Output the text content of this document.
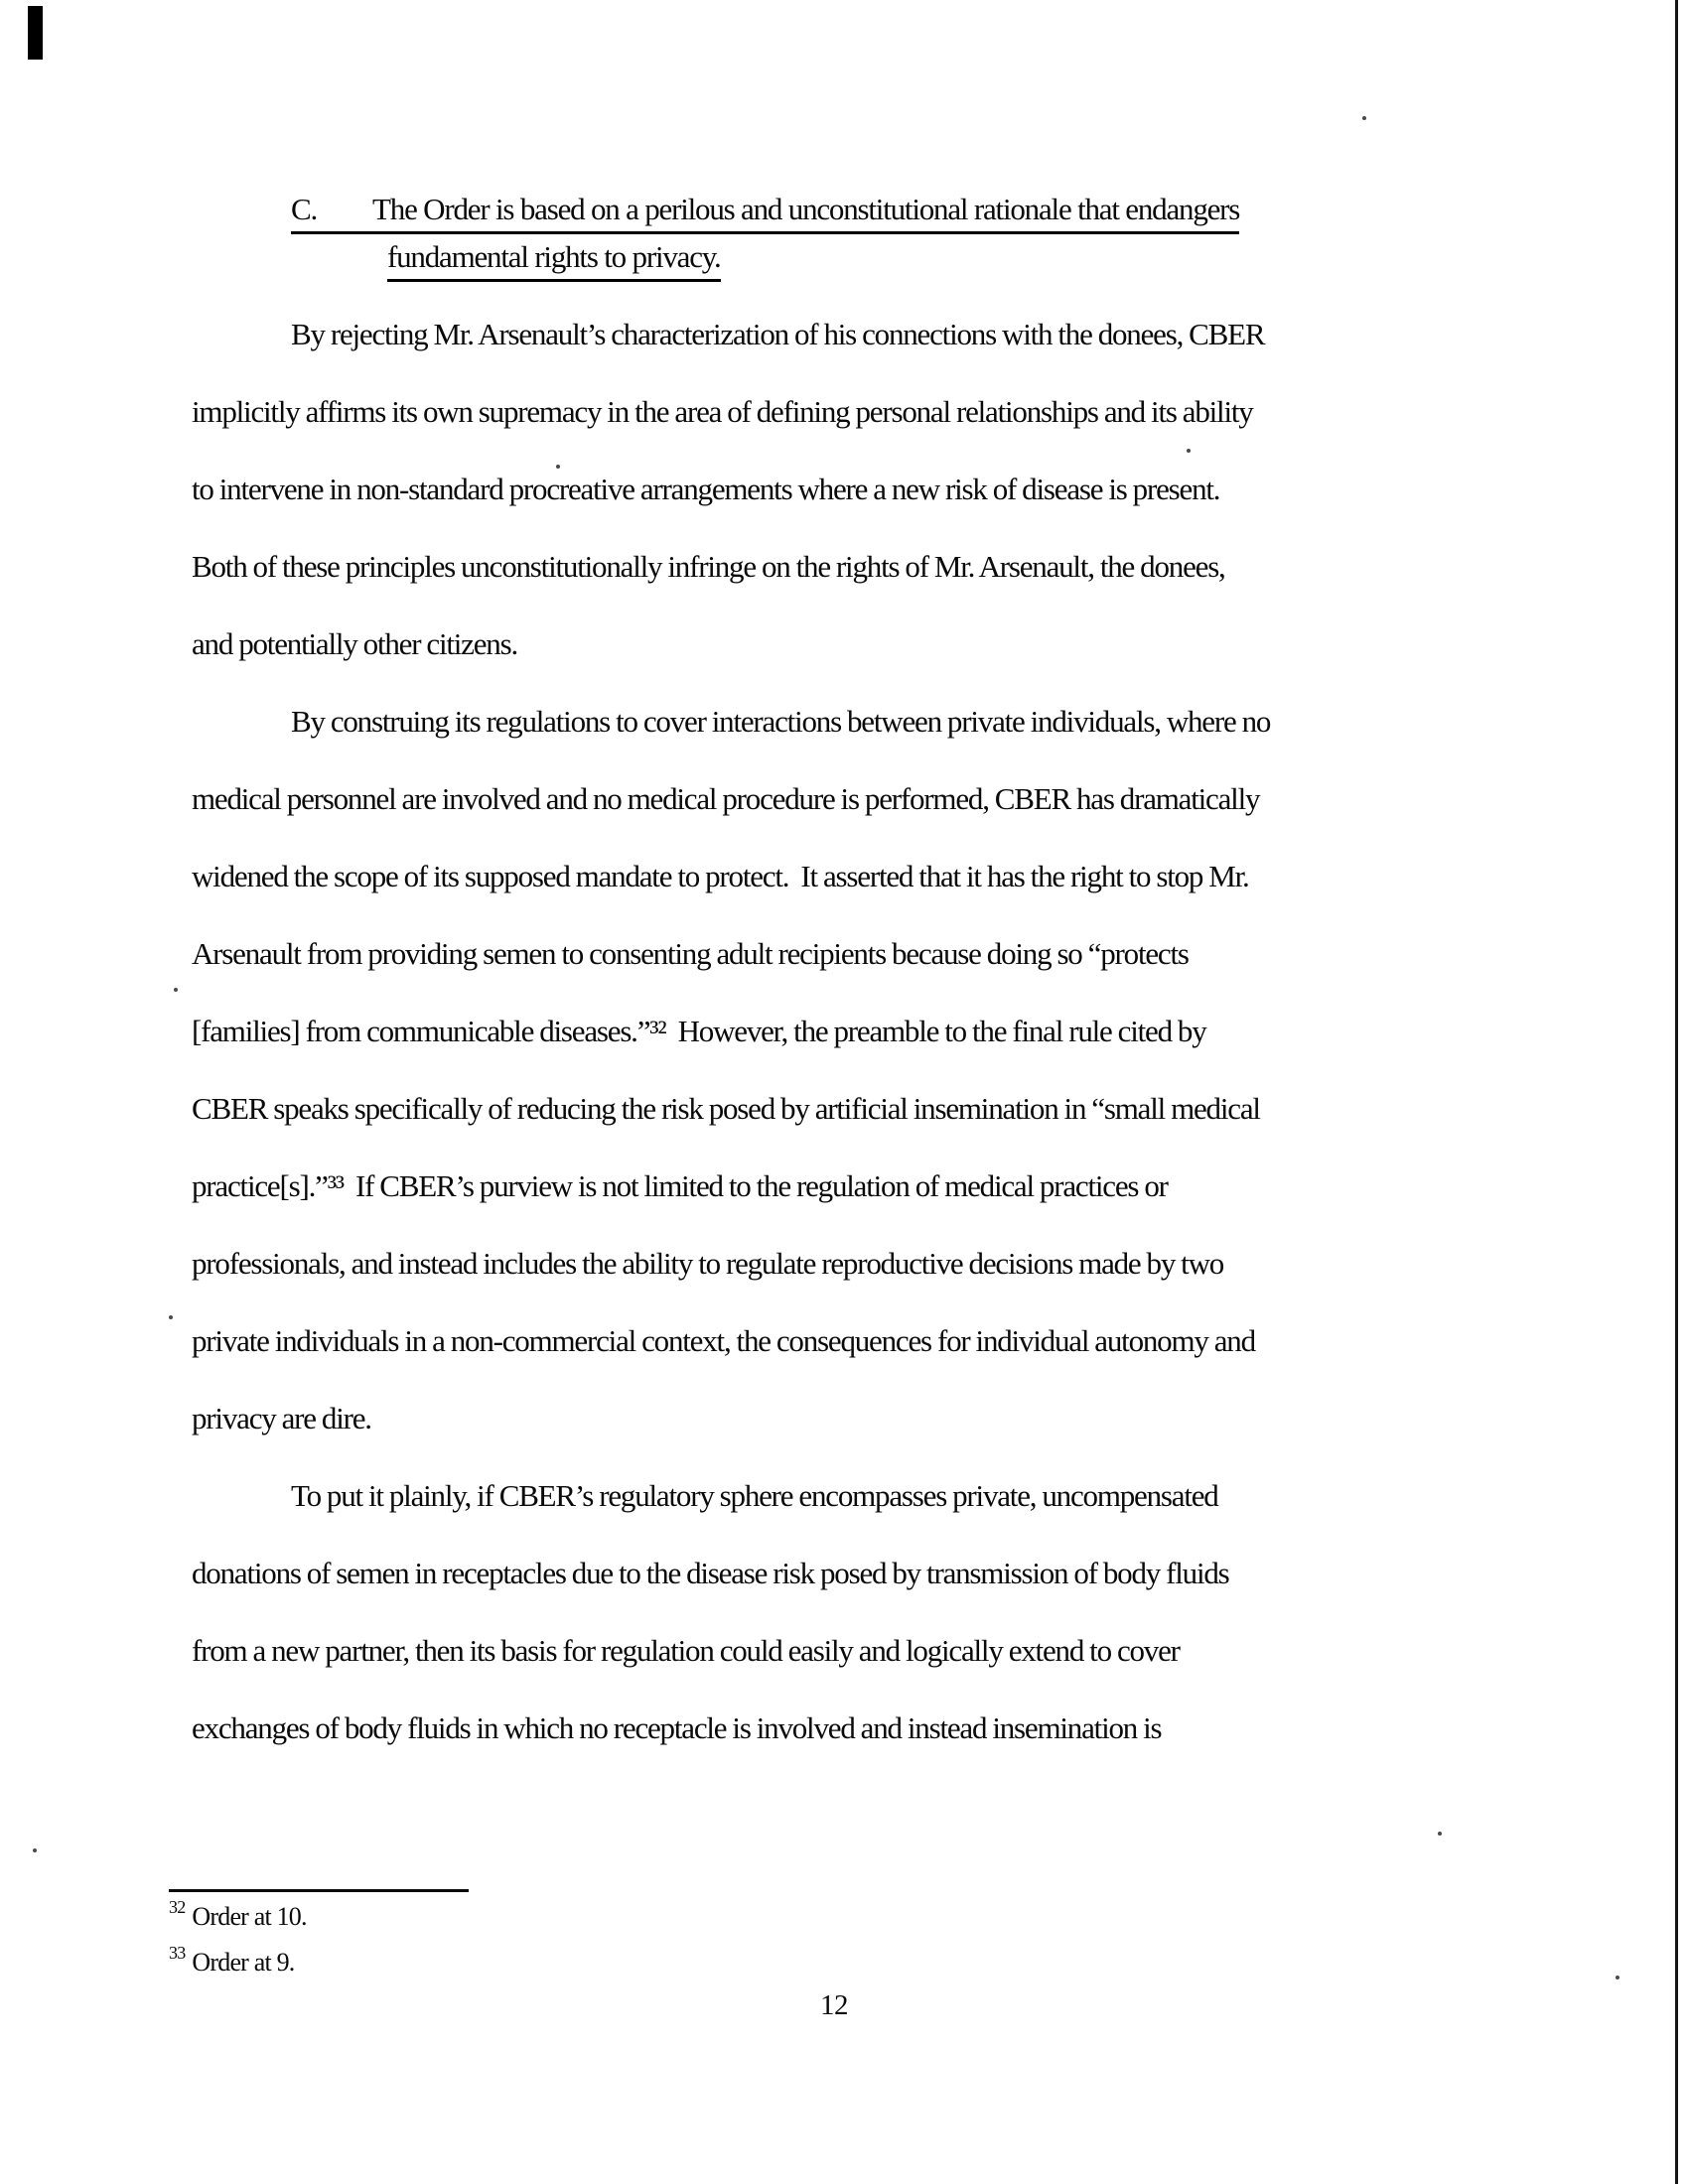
C. The Order is based on a perilous and unconstitutional rationale that endangers
fundamental rights to privacy.
By rejecting Mr. Arsenault’s characterization of his connections with the donees, CBER
implicitly affirms its own supremacy in the area of defining personal relationships and its ability
to intervene in non-standard procreative arrangements where a new risk of disease is present.
Both of these principles unconstitutionally infringe on the rights of Mr. Arsenault, the donees,
and potentially other citizens.
By construing its regulations to cover interactions between private individuals, where no
medical personnel are involved and no medical procedure is performed, CBER has dramatically
widened the scope of its supposed mandate to protect.  It asserted that it has the right to stop Mr.
Arsenault from providing semen to consenting adult recipients because doing so “protects
[families] from communicable diseases.”³²  However, the preamble to the final rule cited by
CBER speaks specifically of reducing the risk posed by artificial insemination in “small medical
practice[s].”³³  If CBER’s purview is not limited to the regulation of medical practices or
professionals, and instead includes the ability to regulate reproductive decisions made by two
private individuals in a non-commercial context, the consequences for individual autonomy and
privacy are dire.
To put it plainly, if CBER’s regulatory sphere encompasses private, uncompensated
donations of semen in receptacles due to the disease risk posed by transmission of body fluids
from a new partner, then its basis for regulation could easily and logically extend to cover
exchanges of body fluids in which no receptacle is involved and instead insemination is
$^{32}$ Order at 10.
$^{33}$ Order at 9.
12
